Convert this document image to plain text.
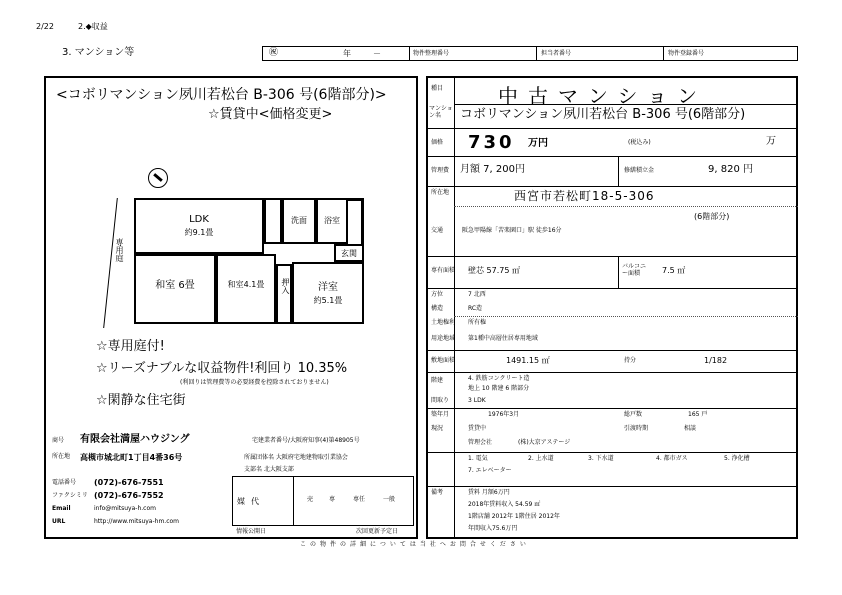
2/22	2.◆収益
3. マンション等	㊗	年	－	物件整理番号	担当者番号	物件登録番号
<コボリマンション夙川若松台 B-306 号(6階部分)>
☆賃貸中<価格変更>
専用庭
LDK
約9.1畳
洗面	浴室
玄関
和室 6畳	和室4.1畳	押入	洋室
約5.1畳
☆専用庭付!
☆リーズナブルな収益物件!利回り 10.35%
(利回りは管理費等の必要経費を控除されておりません)
☆閑静な住宅街
商号 有限会社満屋ハウジング
所在地 高槻市城北町1丁目4番36号
宅建業者番号/大阪府知事(4)第48905号
所属団体名 大阪府宅地建物取引業協会
支部名 北大阪支部
電話番号 (072)-676-7551
ファクシミリ (072)-676-7552
Email	info@mitsuya-h.com
URL	http://www.mitsuya-hm.com
媒 代	売	専	専任	一般
情報公開日	次回更新予定日
種目	中古マンション
マンション名	コボリマンション夙川若松台 B-306 号(6階部分)
価格 730 万円	(税込み)	万
管理費 月額 7, 200円	修繕積立金	9, 820 円
所在地	西宮市若松町18-5-306
(6階部分)
交通	阪急甲陽線「苦楽園口」駅 徒歩16分
専有面積 壁芯 57.75 ㎡	バルコニー面積	7.5 ㎡
方位	7 北西
構造	RC造
土地権利 所有権
用途地域 第1種中高層住居専用地域
敷地面積	1491.15 ㎡	持分	1/182
階建	4. 鉄筋コンクリート造
地上 10 階建 6 階部分
間取り	3 LDK
築年月	1976年3月	総戸数	165 戸
現況	賃貸中	引渡時期	相談
管理会社	(株)大京アステージ
1. 電気	2. 上水道	3. 下水道	4. 都市ガス	5. 浄化槽
7. エレベーター
備考	賃料 月額6万円
2018年賃料収入 54.59 ㎡
1階店舗 2012年 1階住居 2012年
年間収入75.6万円
この物件の詳細については当社へお問合せください
